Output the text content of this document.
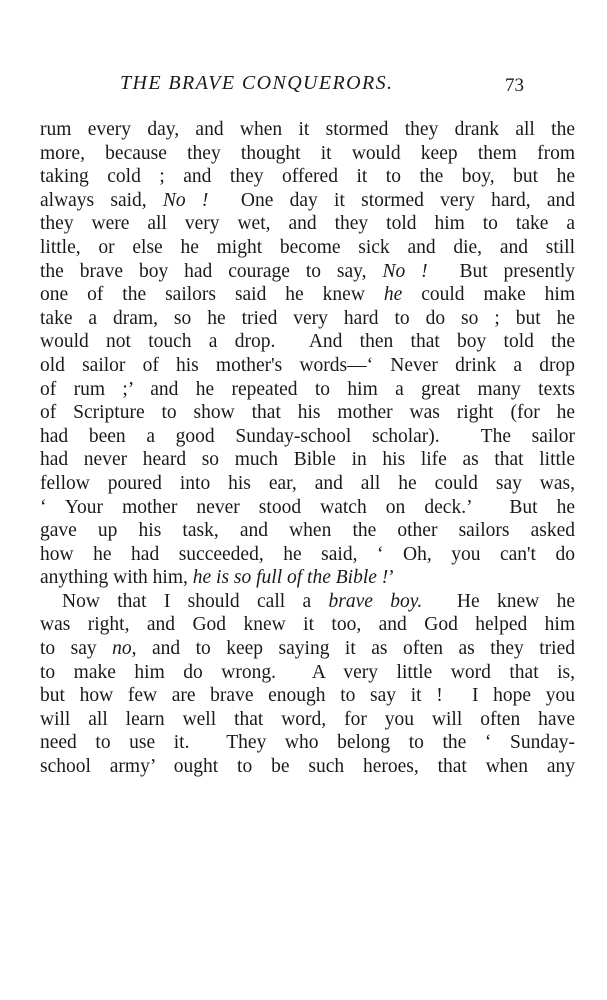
THE BRAVE CONQUERORS.	73
rum every day, and when it stormed they drank all the
more, because they thought it would keep them from
taking cold ; and they offered it to the boy, but he
always said, No !  One day it stormed very hard, and
they were all very wet, and they told him to take a
little, or else he might become sick and die, and still
the brave boy had courage to say, No !  But presently
one of the sailors said he knew he could make him
take a dram, so he tried very hard to do so ; but he
would not touch a drop.  And then that boy told the
old sailor of his mother's words—‘ Never drink a drop
of rum ;’ and he repeated to him a great many texts
of Scripture to show that his mother was right (for he
had been a good Sunday-school scholar).  The sailor
had never heard so much Bible in his life as that little
fellow poured into his ear, and all he could say was,
‘ Your mother never stood watch on deck.’  But he
gave up his task, and when the other sailors asked
how he had succeeded, he said, ‘ Oh, you can't do
anything with him, he is so full of the Bible !’
Now that I should call a brave boy.  He knew he
was right, and God knew it too, and God helped him
to say no, and to keep saying it as often as they tried
to make him do wrong.  A very little word that is,
but how few are brave enough to say it !  I hope you
will all learn well that word, for you will often have
need to use it.  They who belong to the ‘ Sunday-
school army’ ought to be such heroes, that when any
